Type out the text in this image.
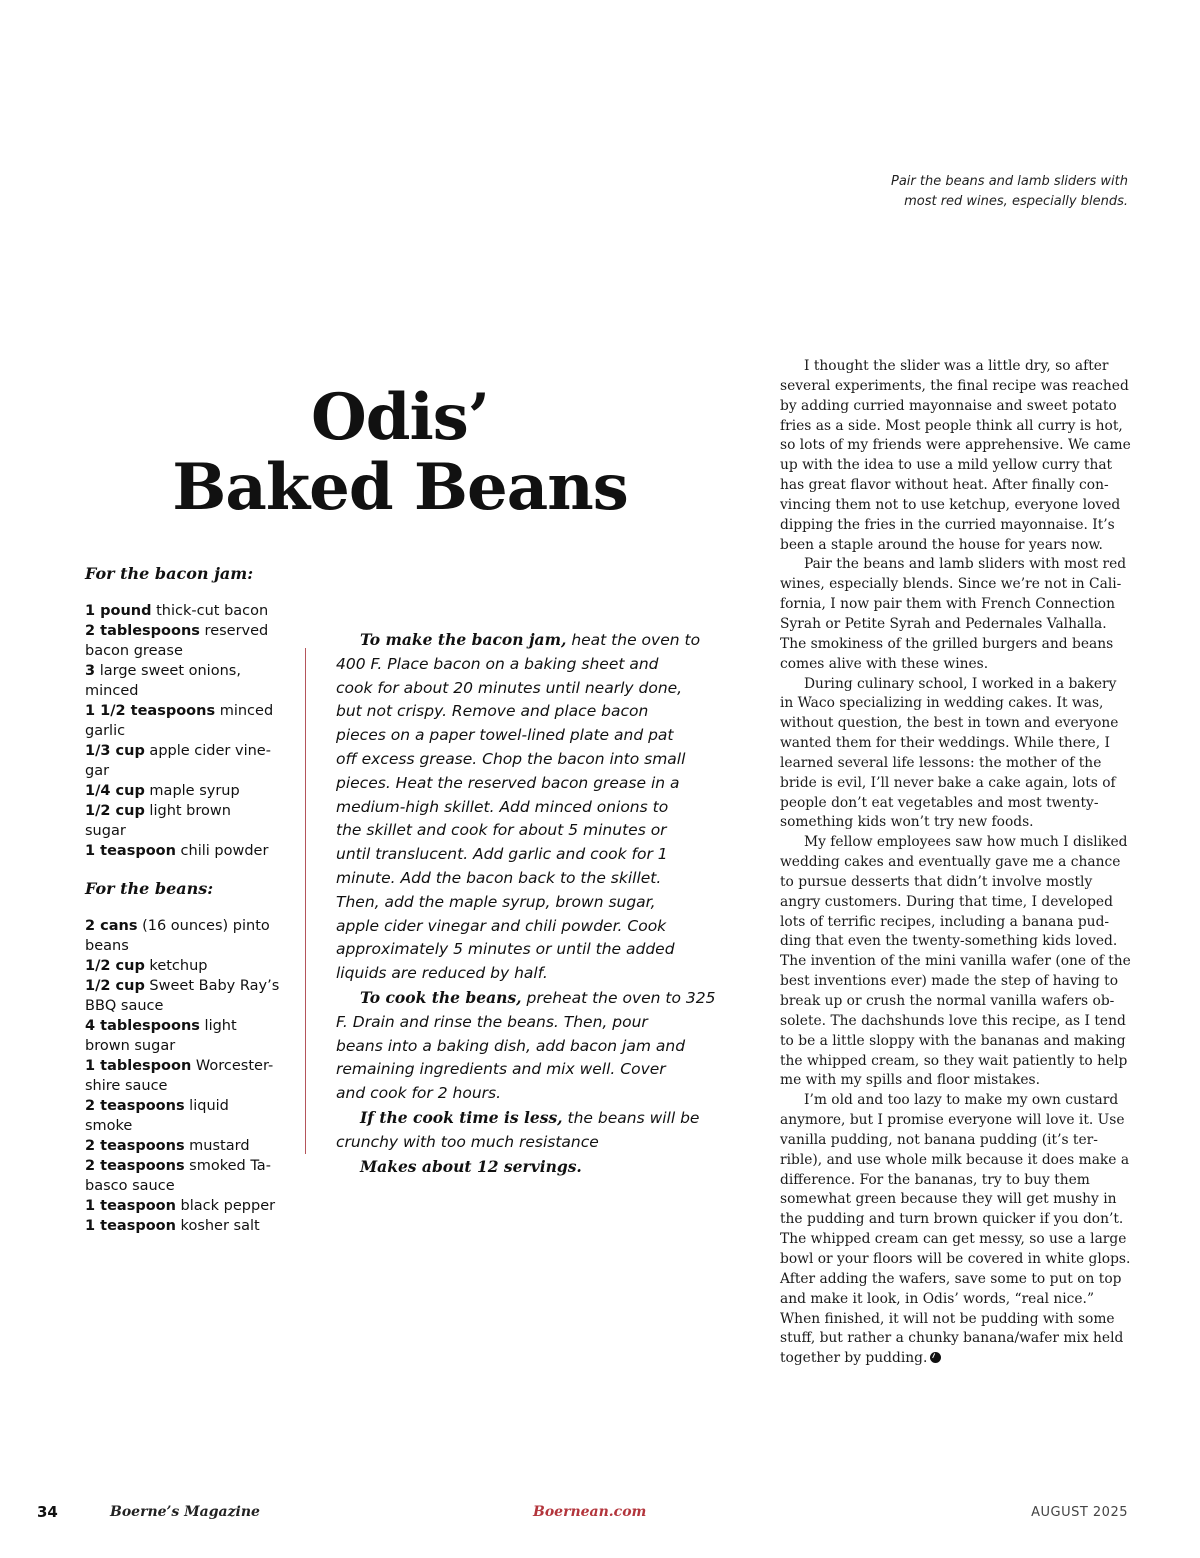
Pair the beans and lamb sliders with
most red wines, especially blends.
Odis’
Baked Beans
For the bacon jam:
1 pound thick-cut bacon
2 tablespoons reserved
bacon grease
3 large sweet onions,
minced
1 1/2 teaspoons minced
garlic
1/3 cup apple cider vine-
gar
1/4 cup maple syrup
1/2 cup light brown
sugar
1 teaspoon chili powder
For the beans:
2 cans (16 ounces) pinto
beans
1/2 cup ketchup
1/2 cup Sweet Baby Ray’s
BBQ sauce
4 tablespoons light
brown sugar
1 tablespoon Worcester-
shire sauce
2 teaspoons liquid
smoke
2 teaspoons mustard
2 teaspoons smoked Ta-
basco sauce
1 teaspoon black pepper
1 teaspoon kosher salt

To make the bacon jam, heat the oven to
400 F. Place bacon on a baking sheet and
cook for about 20 minutes until nearly done,
but not crispy. Remove and place bacon
pieces on a paper towel-lined plate and pat
off excess grease. Chop the bacon into small
pieces. Heat the reserved bacon grease in a
medium-high skillet. Add minced onions to
the skillet and cook for about 5 minutes or
until translucent. Add garlic and cook for 1
minute. Add the bacon back to the skillet.
Then, add the maple syrup, brown sugar,
apple cider vinegar and chili powder. Cook
approximately 5 minutes or until the added
liquids are reduced by half.

To cook the beans, preheat the oven to 325
F. Drain and rinse the beans. Then, pour
beans into a baking dish, add bacon jam and
remaining ingredients and mix well. Cover
and cook for 2 hours.

If the cook time is less, the beans will be
crunchy with too much resistance

Makes about 12 servings.

I thought the slider was a little dry, so after
several experiments, the final recipe was reached
by adding curried mayonnaise and sweet potato
fries as a side. Most people think all curry is hot,
so lots of my friends were apprehensive. We came
up with the idea to use a mild yellow curry that
has great flavor without heat. After finally con-
vincing them not to use ketchup, everyone loved
dipping the fries in the curried mayonnaise. It’s
been a staple around the house for years now.

Pair the beans and lamb sliders with most red
wines, especially blends. Since we’re not in Cali-
fornia, I now pair them with French Connection
Syrah or Petite Syrah and Pedernales Valhalla.
The smokiness of the grilled burgers and beans
comes alive with these wines.

During culinary school, I worked in a bakery
in Waco specializing in wedding cakes. It was,
without question, the best in town and everyone
wanted them for their weddings. While there, I
learned several life lessons: the mother of the
bride is evil, I’ll never bake a cake again, lots of
people don’t eat vegetables and most twenty-
something kids won’t try new foods.

My fellow employees saw how much I disliked
wedding cakes and eventually gave me a chance
to pursue desserts that didn’t involve mostly
angry customers. During that time, I developed
lots of terrific recipes, including a banana pud-
ding that even the twenty-something kids loved.
The invention of the mini vanilla wafer (one of the
best inventions ever) made the step of having to
break up or crush the normal vanilla wafers ob-
solete. The dachshunds love this recipe, as I tend
to be a little sloppy with the bananas and making
the whipped cream, so they wait patiently to help
me with my spills and floor mistakes.

I’m old and too lazy to make my own custard
anymore, but I promise everyone will love it. Use
vanilla pudding, not banana pudding (it’s ter-
rible), and use whole milk because it does make a
difference. For the bananas, try to buy them
somewhat green because they will get mushy in
the pudding and turn brown quicker if you don’t.
The whipped cream can get messy, so use a large
bowl or your floors will be covered in white glops.
After adding the wafers, save some to put on top
and make it look, in Odis’ words, “real nice.”
When finished, it will not be pudding with some
stuff, but rather a chunky banana/wafer mix held
together by pudding.

34	Boerne’s Magazine	Boernean.com	AUGUST 2025
